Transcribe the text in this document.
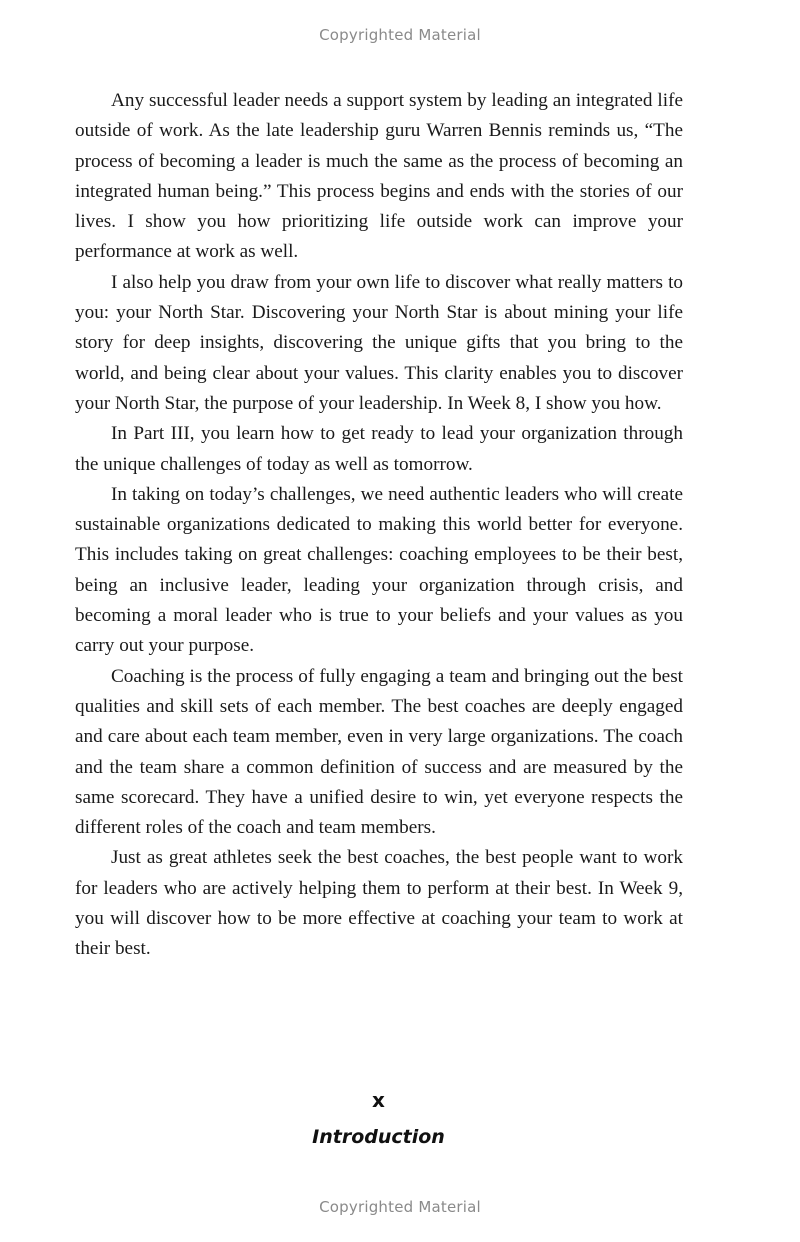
Copyrighted Material

Any successful leader needs a support system by leading an integrated life outside of work. As the late leadership guru Warren Bennis reminds us, “The process of becoming a leader is much the same as the process of becoming an integrated human being.” This process begins and ends with the stories of our lives. I show you how prioritizing life outside work can improve your performance at work as well.

I also help you draw from your own life to discover what really matters to you: your North Star. Discovering your North Star is about mining your life story for deep insights, discovering the unique gifts that you bring to the world, and being clear about your values. This clarity enables you to discover your North Star, the purpose of your leadership. In Week 8, I show you how.

In Part III, you learn how to get ready to lead your organization through the unique challenges of today as well as tomorrow.

In taking on today’s challenges, we need authentic leaders who will create sustainable organizations dedicated to making this world better for everyone. This includes taking on great challenges: coaching employees to be their best, being an inclusive leader, leading your organization through crisis, and becoming a moral leader who is true to your beliefs and your values as you carry out your purpose.

Coaching is the process of fully engaging a team and bringing out the best qualities and skill sets of each member. The best coaches are deeply engaged and care about each team member, even in very large organizations. The coach and the team share a common definition of success and are measured by the same scorecard. They have a unified desire to win, yet everyone respects the different roles of the coach and team members.

Just as great athletes seek the best coaches, the best people want to work for leaders who are actively helping them to perform at their best. In Week 9, you will discover how to be more effective at coaching your team to work at their best.

x
Introduction
Copyrighted Material
